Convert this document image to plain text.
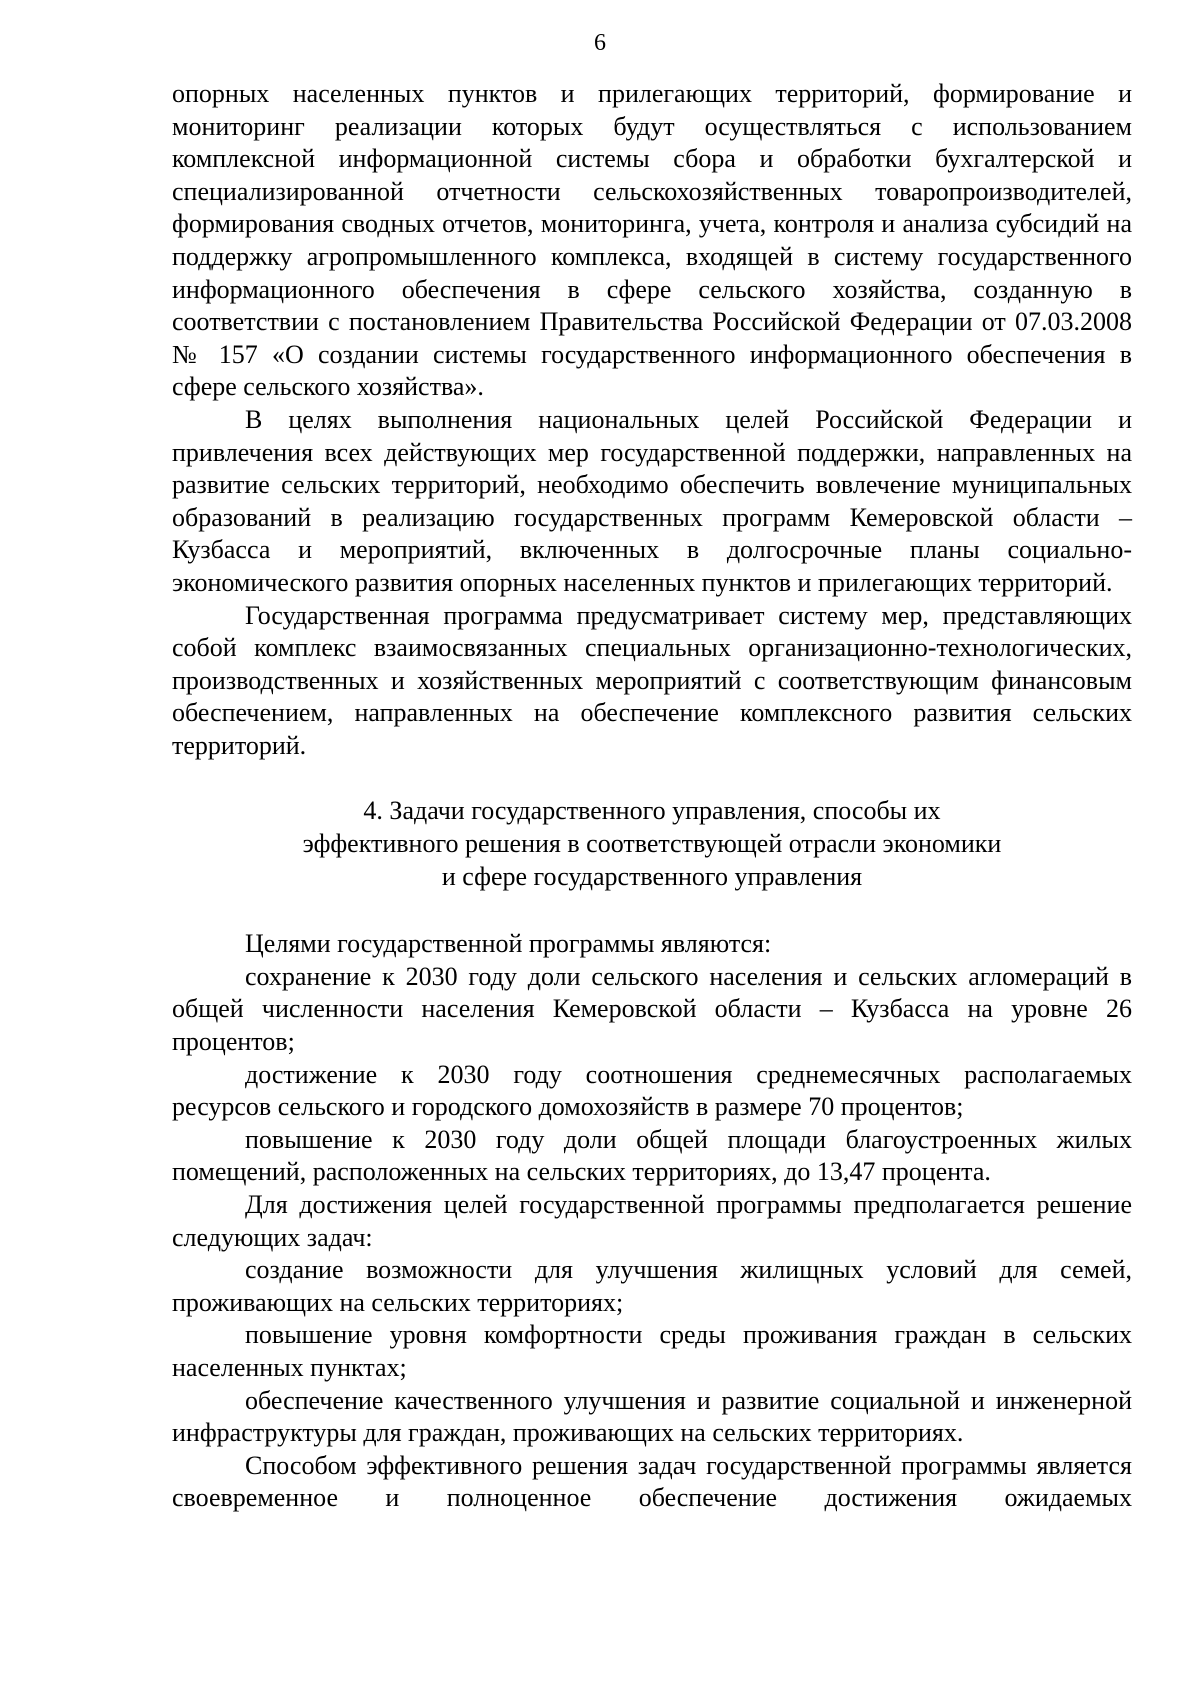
6

опорных населенных пунктов и прилегающих территорий, формирование и мониторинг реализации которых будут осуществляться с использованием комплексной информационной системы сбора и обработки бухгалтерской и специализированной отчетности сельскохозяйственных товаропроизводителей, формирования сводных отчетов, мониторинга, учета, контроля и анализа субсидий на поддержку агропромышленного комплекса, входящей в систему государственного информационного обеспечения в сфере сельского хозяйства, созданную в соответствии с постановлением Правительства Российской Федерации от 07.03.2008 № 157 «О создании системы государственного информационного обеспечения в сфере сельского хозяйства».

В целях выполнения национальных целей Российской Федерации и привлечения всех действующих мер государственной поддержки, направленных на развитие сельских территорий, необходимо обеспечить вовлечение муниципальных образований в реализацию государственных программ Кемеровской области – Кузбасса и мероприятий, включенных в долгосрочные планы социально-экономического развития опорных населенных пунктов и прилегающих территорий.

Государственная программа предусматривает систему мер, представляющих собой комплекс взаимосвязанных специальных организационно-технологических, производственных и хозяйственных мероприятий с соответствующим финансовым обеспечением, направленных на обеспечение комплексного развития сельских территорий.

4. Задачи государственного управления, способы их
эффективного решения в соответствующей отрасли экономики
и сфере государственного управления

Целями государственной программы являются:

сохранение к 2030 году доли сельского населения и сельских агломераций в общей численности населения Кемеровской области – Кузбасса на уровне 26 процентов;

достижение к 2030 году соотношения среднемесячных располагаемых ресурсов сельского и городского домохозяйств в размере 70 процентов;

повышение к 2030 году доли общей площади благоустроенных жилых помещений, расположенных на сельских территориях, до 13,47 процента.

Для достижения целей государственной программы предполагается решение следующих задач:

создание возможности для улучшения жилищных условий для семей, проживающих на сельских территориях;

повышение уровня комфортности среды проживания граждан в сельских населенных пунктах;

обеспечение качественного улучшения и развитие социальной и инженерной инфраструктуры для граждан, проживающих на сельских территориях.

Способом эффективного решения задач государственной программы является своевременное и полноценное обеспечение достижения ожидаемых
